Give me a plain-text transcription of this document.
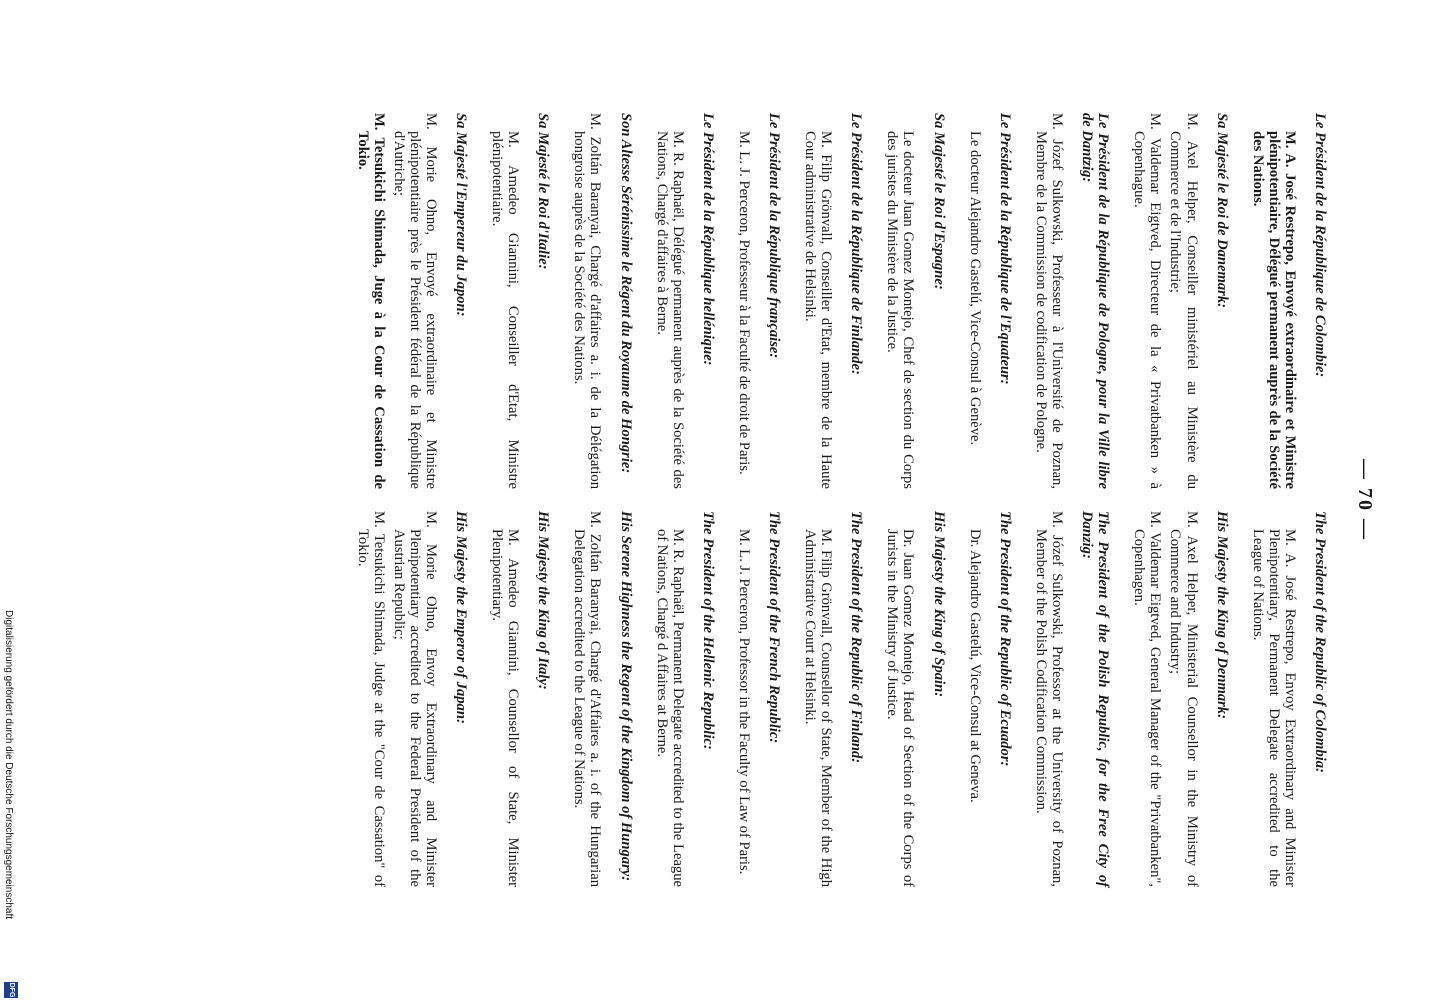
— 70 —
Le Président de la République de Colombie:
M. A. José Restrepo, Envoyé extraordinaire et Ministre plénipotentiaire, Délégué permanent auprès de la Société des Nations.
Sa Majesté le Roi de Danemark:
M. Axel Helper, Conseiller ministériel au Ministère du Commerce et de l'Industrie;
M. Valdemar Eigtved, Directeur de la « Privatbanken » à Copenhague.
Le Président de la République de Pologne, pour la Ville libre de Dantzig:
M. Józef Sulkowski, Professeur à l'Université de Poznan, Membre de la Commission de codification de Pologne.
Le Président de la République de l'Equateur:
Le docteur Alejandro Gastelú, Vice-Consul à Genève.
Sa Majesté le Roi d'Espagne:
Le docteur Juan Gomez Montejo, Chef de section du Corps des juristes du Ministère de la Justice.
Le Président de la République de Finlande:
M. Filip Grönvall, Conseiller d'Etat, membre de la Haute Cour administrative de Helsinki.
Le Président de la République française:
M. L. J. Perceron, Professeur à la Faculté de droit de Paris.
Le Président de la République hellénique:
M. R. Raphaël, Délégué permanent auprès de la Société des Nations, Chargé d'affaires à Berne.
Son Altesse Sérénissime le Régent du Royaume de Hongrie:
M. Zoltán Baranyai, Chargé d'affaires a. i. de la Délégation hongroise auprès de la Société des Nations.
Sa Majesté le Roi d'Italie:
M. Amedeo Giannini, Conseiller d'Etat, Ministre plénipotentiaire.
Sa Majesté l'Empereur du Japon:
M. Morie Ohno, Envoyé extraordinaire et Ministre plénipotentiaire près le Président fédéral de la République d'Autriche;
M. Tetsukichi Shimada, Juge à la Cour de Cassation de Tokio.
The President of the Republic of Colombia:
M. A. José Restrepo, Envoy Extraordinary and Minister Plenipotentiary, Permanent Delegate accredited to the League of Nations.
His Majesty the King of Denmark:
M. Axel Helper, Ministerial Counsellor in the Ministry of Commerce and Industry;
M. Valdemar Eigtved, General Manager of the "Privatbanken", Copenhagen.
The President of the Polish Republic, for the Free City of Danzig:
M. Józef Sulkowski, Professor at the University of Poznan, Member of the Polish Codification Commission.
The President of the Republic of Ecuador:
Dr. Alejandro Gastelú, Vice-Consul at Geneva.
His Majesty the King of Spain:
Dr. Juan Gomez Montejo, Head of Section of the Corps of Jurists in the Ministry of Justice.
The President of the Republic of Finland:
M. Filip Grönvall, Counsellor of State, Member of the High Administrative Court at Helsinki.
The President of the French Republic:
M. L. J. Perceron, Professor in the Faculty of Law of Paris.
The President of the Hellenic Republic:
M. R. Raphaël, Permanent Delegate accredited to the League of Nations, Chargé d Affaires at Berne.
His Serene Highness the Regent of the Kingdom of Hungary:
M. Zoltán Baranyai, Chargé d'Affaires a. i. of the Hungarian Delegation accredited to the League of Nations.
His Majesty the King of Italy:
M. Amedeo Giannini, Counsellor of State, Minister Plenipotentiary.
His Majesty the Emperor of Japan:
M. Morie Ohno, Envoy Extraordinary and Minister Plenipotentiary accredited to the Federal President of the Austrian Republic;
M. Tetsukichi Shimada, Judge at the "Cour de Cassation" of Tokio.
Digitalisierung gefördert durch die Deutsche Forschungsgemeinschaft
DFG
